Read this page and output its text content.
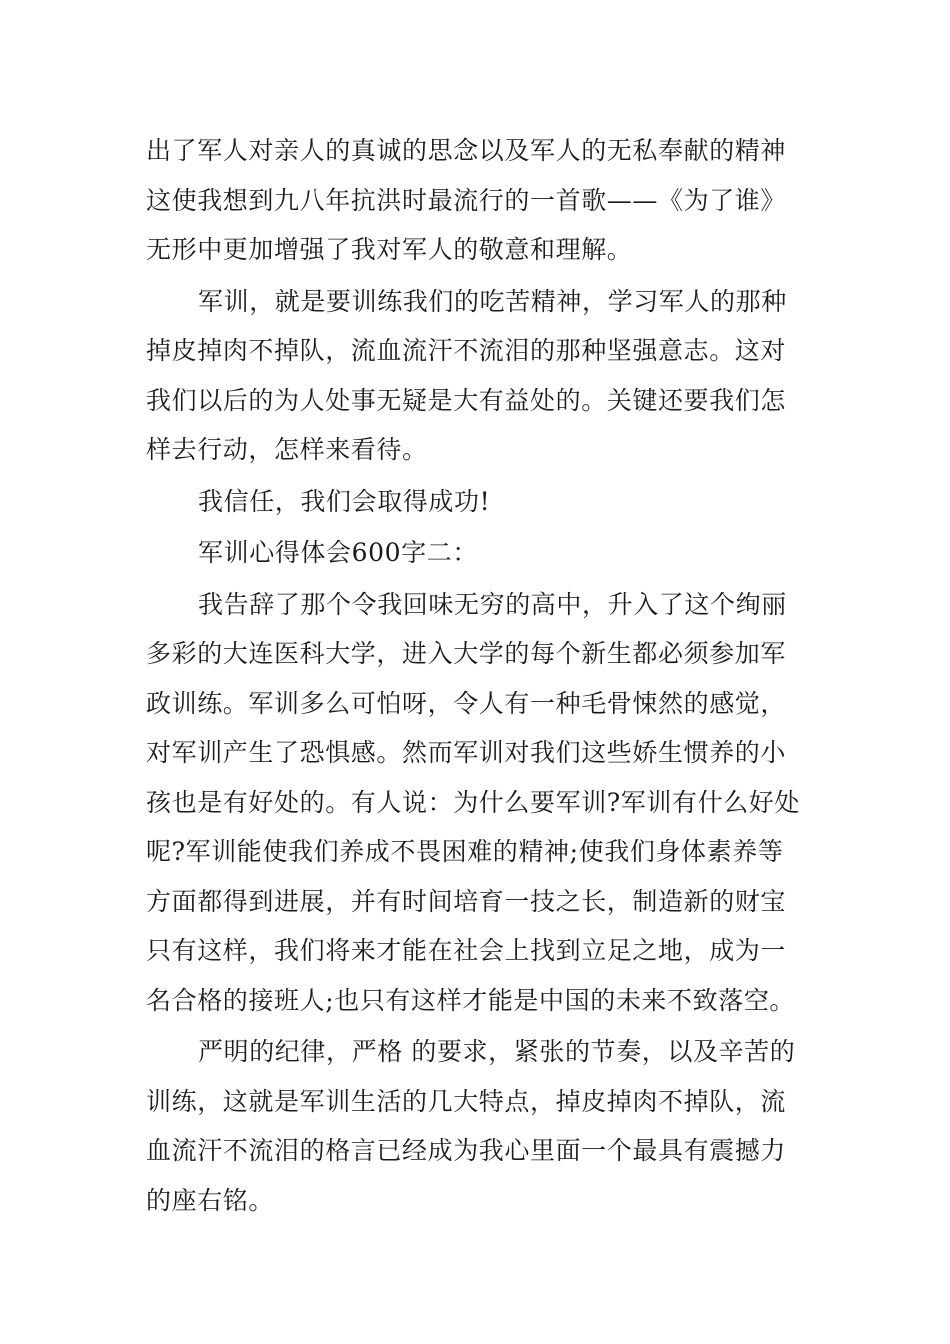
出了军人对亲人的真诚的思念以及军人的无私奉献的精神
这使我想到九八年抗洪时最流行的一首歌——《为了谁》
无形中更加增强了我对军人的敬意和理解。
军训，就是要训练我们的吃苦精神，学习军人的那种
掉皮掉肉不掉队，流血流汗不流泪的那种坚强意志。这对
我们以后的为人处事无疑是大有益处的。关键还要我们怎
样去行动，怎样来看待。
我信任，我们会取得成功!
军训心得体会600字二：
我告辞了那个令我回味无穷的高中，升入了这个绚丽
多彩的大连医科大学，进入大学的每个新生都必须参加军
政训练。军训多么可怕呀，令人有一种毛骨悚然的感觉，
对军训产生了恐惧感。然而军训对我们这些娇生惯养的小
孩也是有好处的。有人说：为什么要军训?军训有什么好处
呢?军训能使我们养成不畏困难的精神;使我们身体素养等
方面都得到进展，并有时间培育一技之长，制造新的财宝
只有这样，我们将来才能在社会上找到立足之地，成为一
名合格的接班人;也只有这样才能是中国的未来不致落空。
严明的纪律，严格 的要求，紧张的节奏，以及辛苦的
训练，这就是军训生活的几大特点，掉皮掉肉不掉队，流
血流汗不流泪的格言已经成为我心里面一个最具有震撼力
的座右铭。
